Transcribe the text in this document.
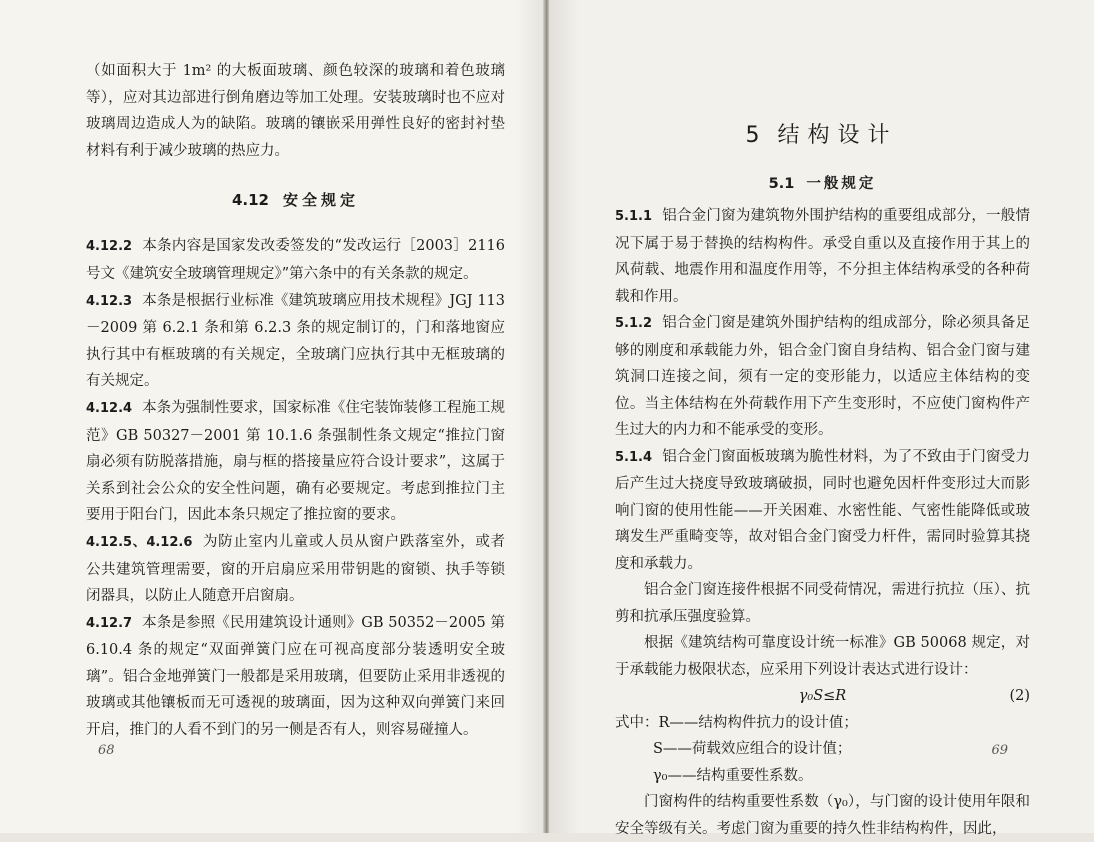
（如面积大于 1m² 的大板面玻璃、颜色较深的玻璃和着色玻璃等），应对其边部进行倒角磨边等加工处理。安装玻璃时也不应对玻璃周边造成人为的缺陷。玻璃的镶嵌采用弹性良好的密封衬垫材料有利于减少玻璃的热应力。

4.12 安全规定

4.12.2 本条内容是国家发改委签发的“发改运行［2003］2116号文《建筑安全玻璃管理规定》”第六条中的有关条款的规定。

4.12.3 本条是根据行业标准《建筑玻璃应用技术规程》JGJ 113－2009 第 6.2.1 条和第 6.2.3 条的规定制订的，门和落地窗应执行其中有框玻璃的有关规定，全玻璃门应执行其中无框玻璃的有关规定。

4.12.4 本条为强制性要求，国家标准《住宅装饰装修工程施工规范》GB 50327－2001 第 10.1.6 条强制性条文规定“推拉门窗扇必须有防脱落措施，扇与框的搭接量应符合设计要求”，这属于关系到社会公众的安全性问题，确有必要规定。考虑到推拉门主要用于阳台门，因此本条只规定了推拉窗的要求。

4.12.5、4.12.6 为防止室内儿童或人员从窗户跌落室外，或者公共建筑管理需要，窗的开启扇应采用带钥匙的窗锁、执手等锁闭器具，以防止人随意开启窗扇。

4.12.7 本条是参照《民用建筑设计通则》GB 50352－2005 第 6.10.4 条的规定“双面弹簧门应在可视高度部分装透明安全玻璃”。铝合金地弹簧门一般都是采用玻璃，但要防止采用非透视的玻璃或其他镶板而无可透视的玻璃面，因为这种双向弹簧门来回开启，推门的人看不到门的另一侧是否有人，则容易碰撞人。

68
5 结构设计
5.1 一般规定

5.1.1 铝合金门窗为建筑物外围护结构的重要组成部分，一般情况下属于易于替换的结构构件。承受自重以及直接作用于其上的风荷载、地震作用和温度作用等，不分担主体结构承受的各种荷载和作用。

5.1.2 铝合金门窗是建筑外围护结构的组成部分，除必须具备足够的刚度和承载能力外，铝合金门窗自身结构、铝合金门窗与建筑洞口连接之间，须有一定的变形能力，以适应主体结构的变位。当主体结构在外荷载作用下产生变形时，不应使门窗构件产生过大的内力和不能承受的变形。

5.1.4 铝合金门窗面板玻璃为脆性材料，为了不致由于门窗受力后产生过大挠度导致玻璃破损，同时也避免因杆件变形过大而影响门窗的使用性能——开关困难、水密性能、气密性能降低或玻璃发生严重畸变等，故对铝合金门窗受力杆件，需同时验算其挠度和承载力。

铝合金门窗连接件根据不同受荷情况，需进行抗拉（压）、抗剪和抗承压强度验算。

根据《建筑结构可靠度设计统一标准》GB 50068 规定，对于承载能力极限状态，应采用下列设计表达式进行设计：

γ₀S≤R	(2)
式中：R——结构构件抗力的设计值；
S——荷载效应组合的设计值；
γ₀——结构重要性系数。

门窗构件的结构重要性系数（γ₀），与门窗的设计使用年限和安全等级有关。考虑门窗为重要的持久性非结构构件，因此，

69
